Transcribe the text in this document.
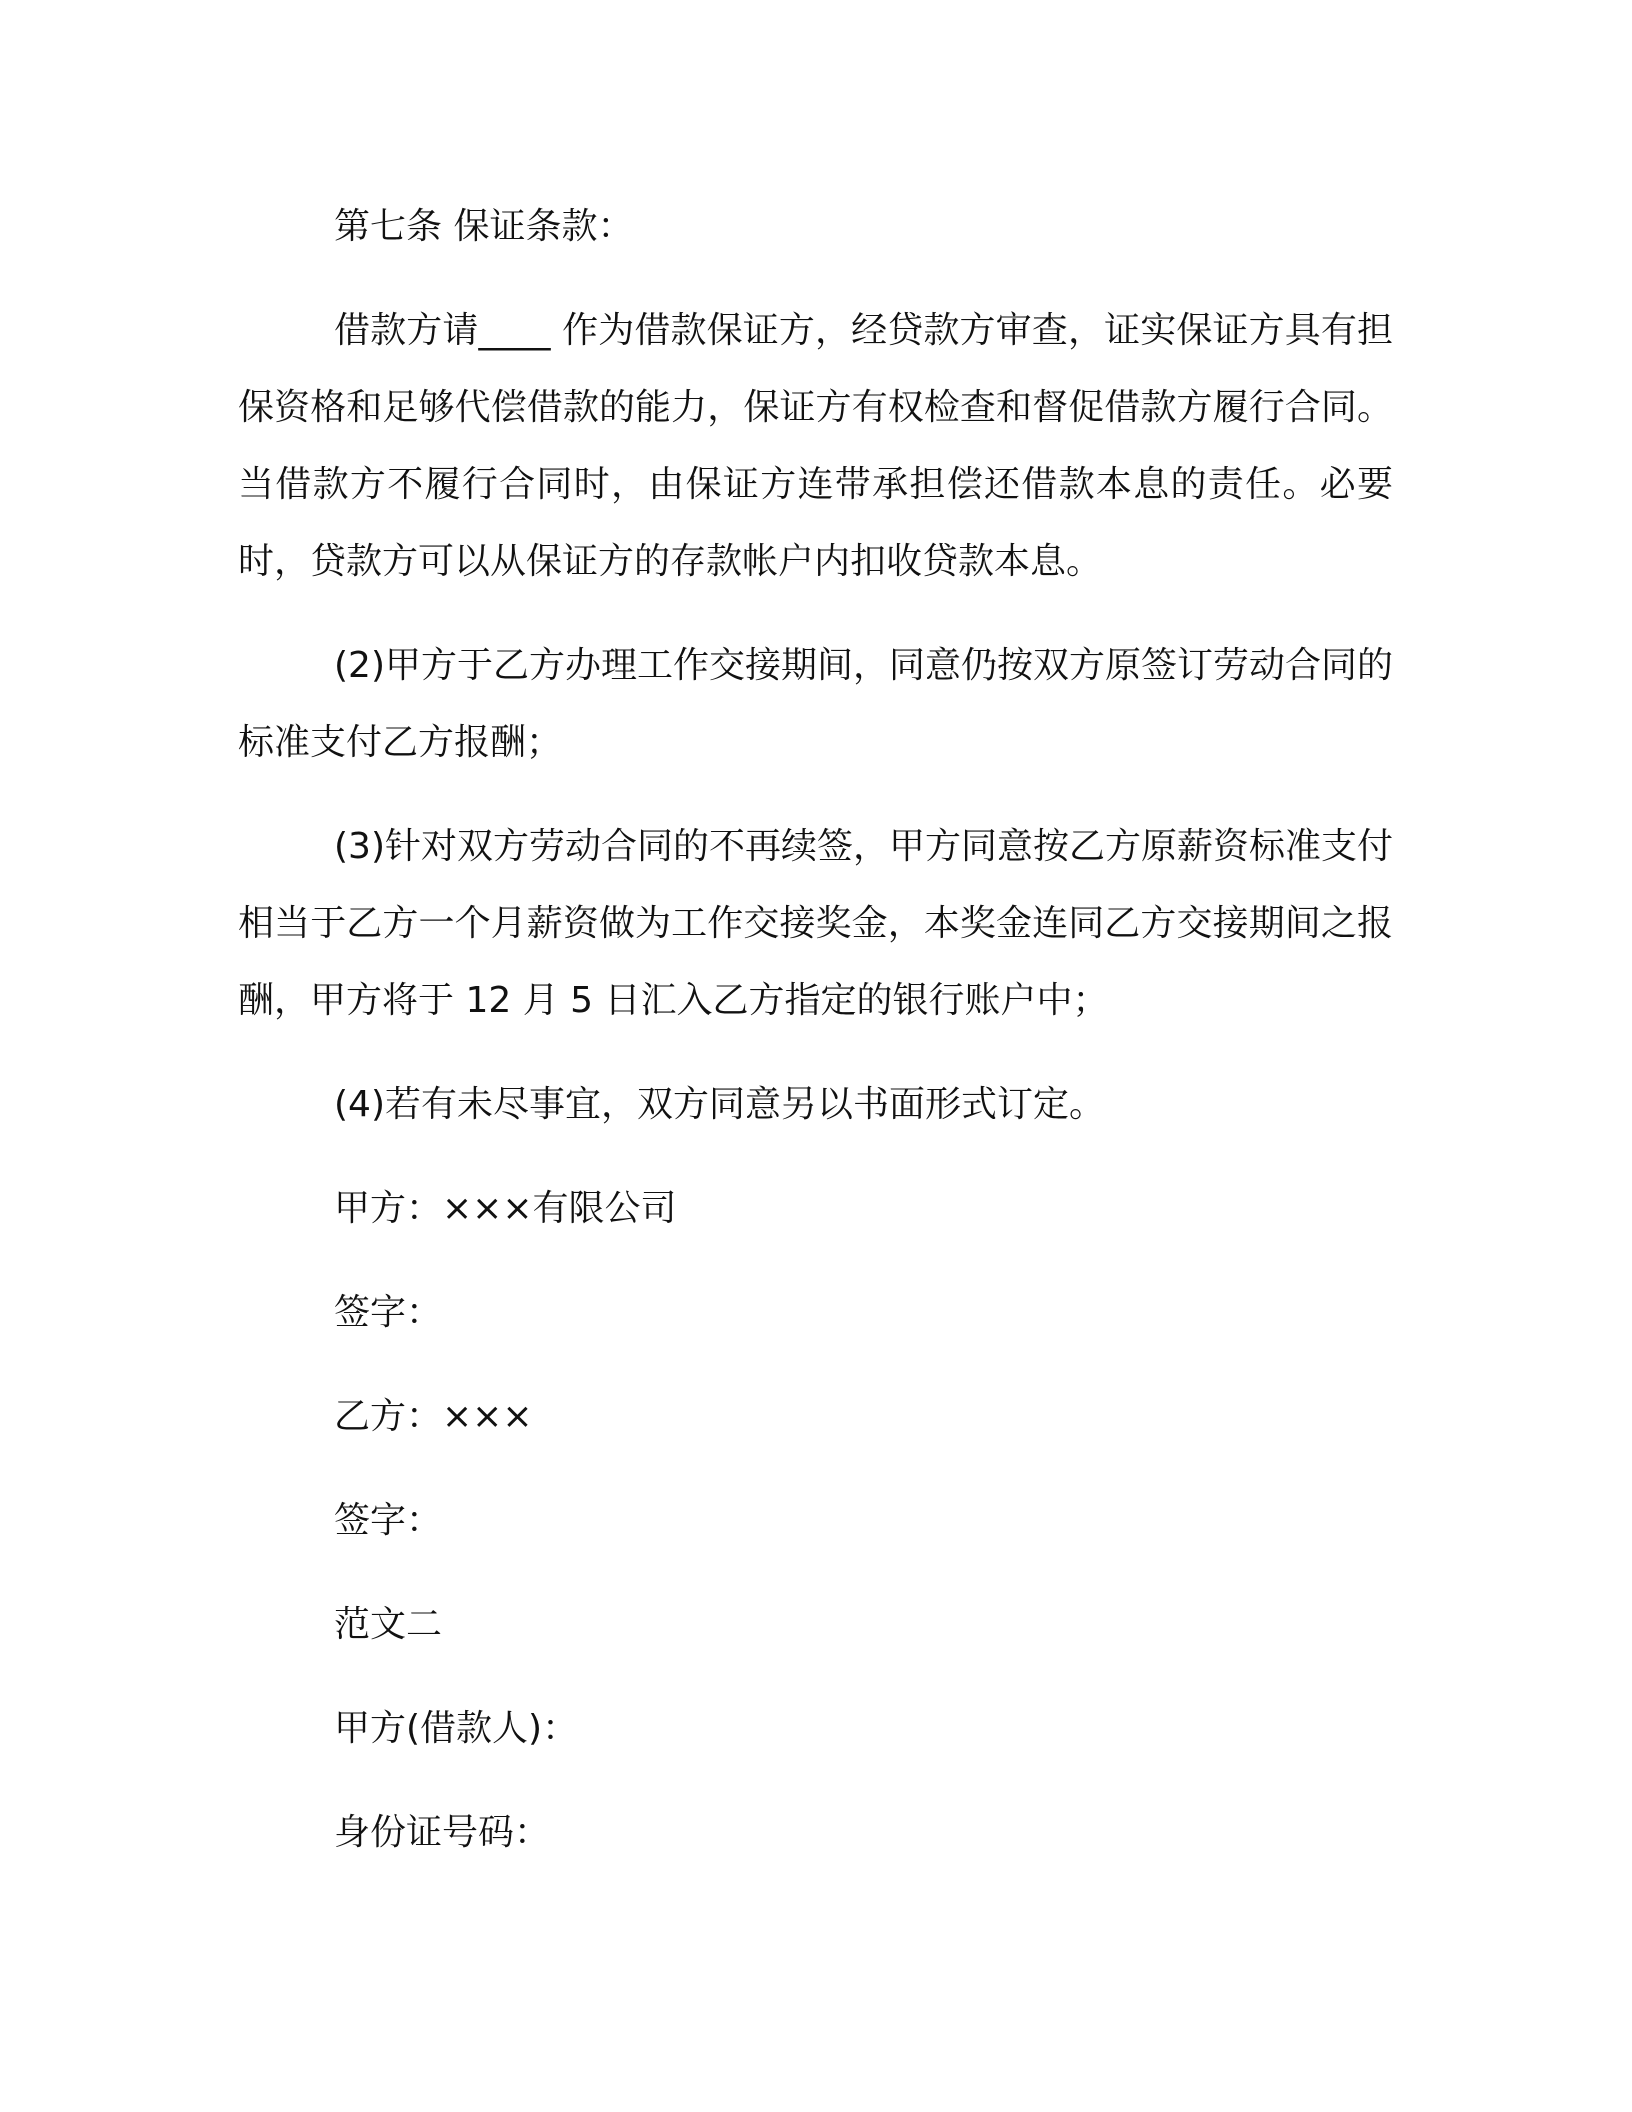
第七条 保证条款：

借款方请____ 作为借款保证方，经贷款方审查，证实保证方具有担保资格和足够代偿借款的能力，保证方有权检查和督促借款方履行合同。当借款方不履行合同时，由保证方连带承担偿还借款本息的责任。必要时，贷款方可以从保证方的存款帐户内扣收贷款本息。

(2)甲方于乙方办理工作交接期间，同意仍按双方原签订劳动合同的标准支付乙方报酬；

(3)针对双方劳动合同的不再续签，甲方同意按乙方原薪资标准支付相当于乙方一个月薪资做为工作交接奖金，本奖金连同乙方交接期间之报酬，甲方将于 12 月 5 日汇入乙方指定的银行账户中；

(4)若有未尽事宜，双方同意另以书面形式订定。

甲方：×××有限公司

签字：

乙方：×××

签字：

范文二

甲方(借款人)：

身份证号码：
